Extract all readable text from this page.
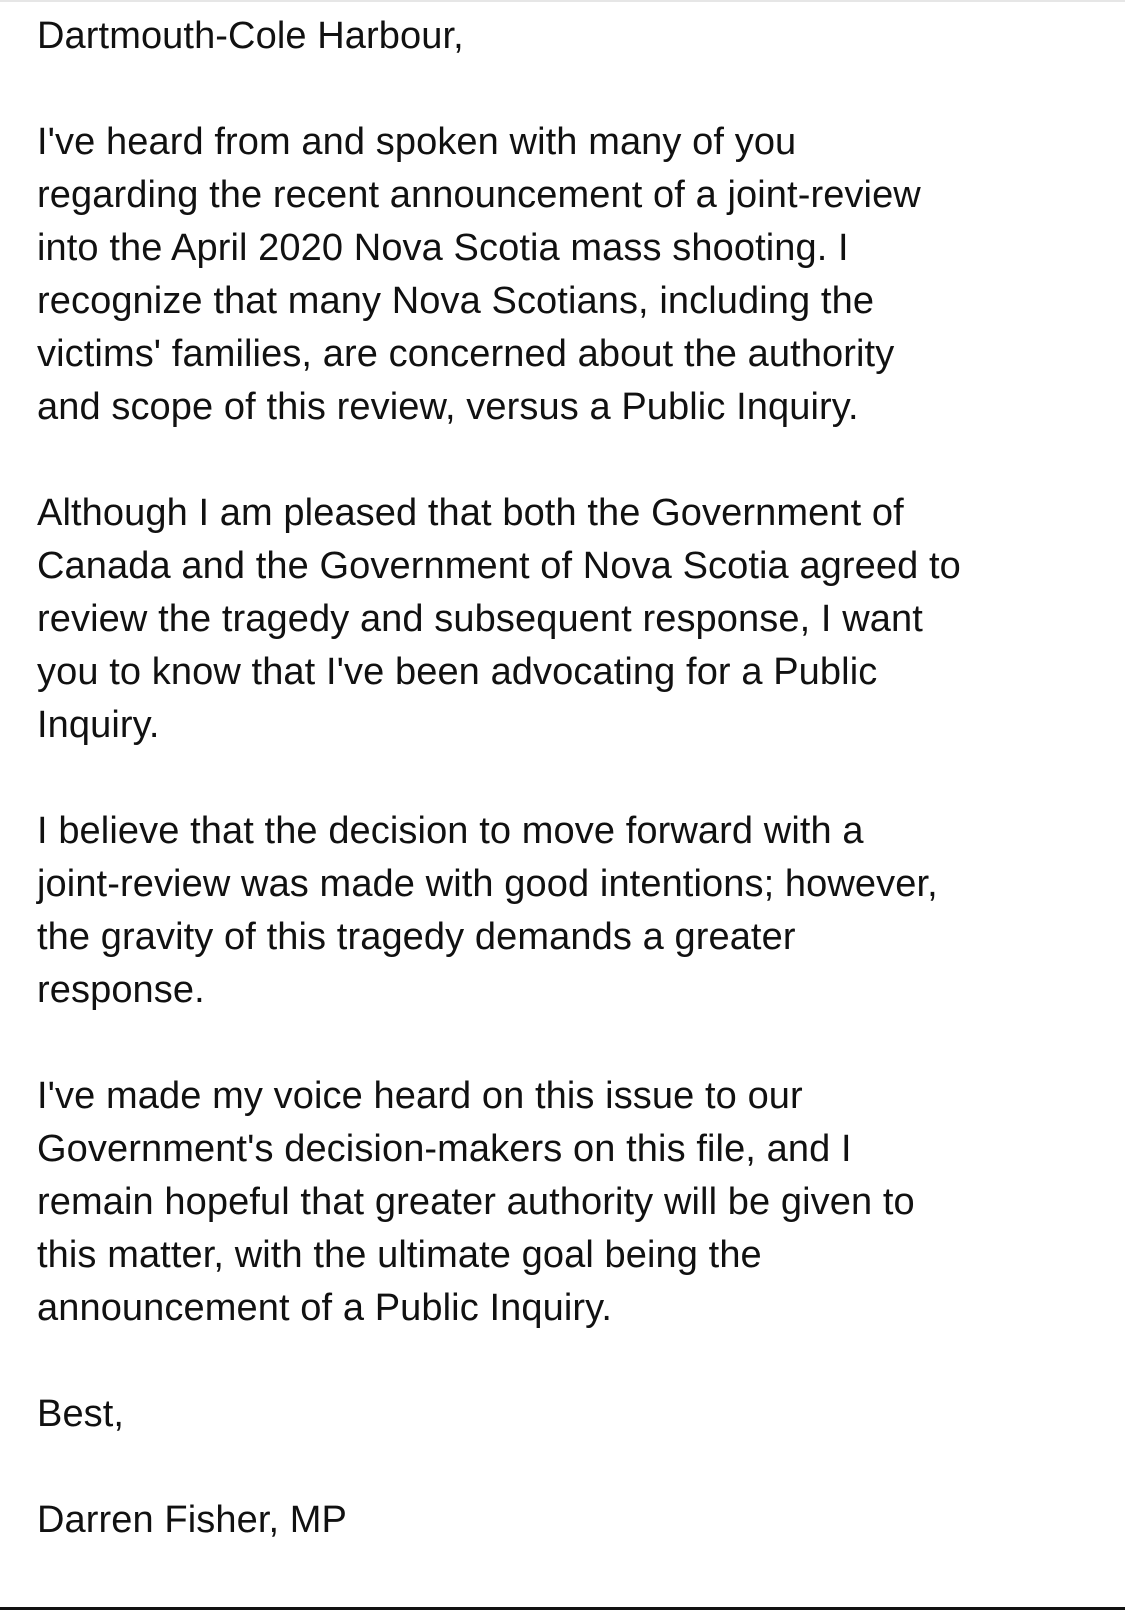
Dartmouth-Cole Harbour,
I've heard from and spoken with many of you
regarding the recent announcement of a joint-review
into the April 2020 Nova Scotia mass shooting. I
recognize that many Nova Scotians, including the
victims' families, are concerned about the authority
and scope of this review, versus a Public Inquiry.
Although I am pleased that both the Government of
Canada and the Government of Nova Scotia agreed to
review the tragedy and subsequent response, I want
you to know that I've been advocating for a Public
Inquiry.
I believe that the decision to move forward with a
joint-review was made with good intentions; however,
the gravity of this tragedy demands a greater
response.
I've made my voice heard on this issue to our
Government's decision-makers on this file, and I
remain hopeful that greater authority will be given to
this matter, with the ultimate goal being the
announcement of a Public Inquiry.
Best,
Darren Fisher, MP
